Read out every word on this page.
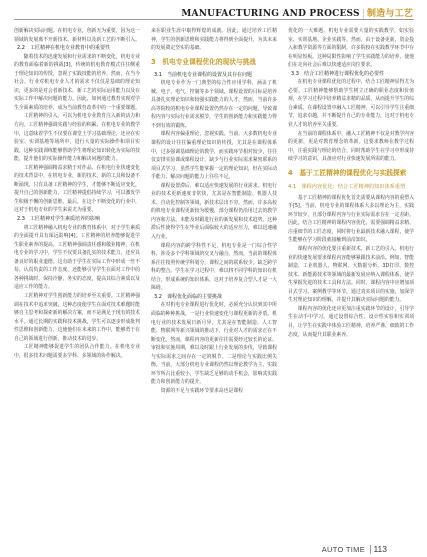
MANUFACTURING AND PROCESS | 制造与工艺

创新解决实际问题。在机电专业，创新无为重要，因为这一领域的发展离不开新技术、新材料以及新工艺的不断引入。

2.2　工匠精神在机电专业教育中的重要性

随着技术的迅速发展和行业需求的不断变化，机电专业的教育面临着新的挑战[3]。传统的机电教育模式往往侧重于理论知识的传授，忽视了实践技能的培养。然而，在当今社会，行业对机电专业人才的需求不仅仅是基础的理论知识，更多的是对会者新技术、新工艺的实际运用能力以及在实际工作中解决问题的能力。因此，如何通过教育实现对学生全面素质的培养，成为当前教育改革中的一个重要课题。

工匠精神的引入，可以为机电专业教育注入新的活力和方向。工匠精神强调实践与经验的积累。在机电专业的教学中，这意味着学生不仅要在课堂上学习基础理论，还应在实验室、实训基地等场所中，进行大量的实际操作和项目实践。这种实践训练能够帮助学生将理论知识转化为实际的技能，提升他们的实际操作能力和解决问题的能力。

工匠精神强调精益求精于对作品、在机电行业快速变化的技术背景中，在机电专业，新的技术、新的工具和设备不断涌现，只有具备工匠精神的学生，才能够不断适应变化，提升自己的创新能力。工匠精神提倡持续学习，可以激发学生积极不懈的创新思维。最后，在这个不断变化的行业中，这对于机电专业的学生来说尤为重要。

2.3　工匠精神对学生素质培养的影响

将工匠精神融入机电专业的教育体系中，对于学生素质的全面提升具有深远影响[4]。工匠精神的培养能够促进学生职业素养的提高。工匠精神强调责任感和敬业精神。在机电专业的学习中，学生不仅要具备扎实的技术能力，还应具备良好的职业道德。这有助于学生在实际工作中形成一丝不苟、认真负责的工作态度，还能够引导学生在面对工作中的各种挑战时，保持冷静、务实的态度，提高其综合素质以及适应工作的能力。

工匠精神对学生创新能力的培养至关重要。工匠精神强调在技术中追求突破，这种态度使学生在面对技术难题时能够自主思考和探索新的解决方案，而不是满足于现有的技术水平。通过长期的实践和技术挑战，学生可以逐步形成批判性思维和创新能力，这使他们在未来的工作中，能够勇于在自己的领域进行创新，推动技术的进步。

工匠精神能够促进学生的团队合作能力。在机电专业中，很多技术问题需要多学科、多领域的协作解决。

来在职业生涯中取得辉煌的成就。因此，通过培养工匠精神，学生的创新思维和实践能力将得到全面提升，为其未来的发展奠定坚实的基础。

3　机电专业课程优化的现状与挑战

3.1　当前机电专业课程的设置及其存在问题

机电专业作为一门典型的综合性应用学科，涵盖了机械、电子、电气、控制等多个领域，课程设置的目标是培养具备扎实理论知识和较强实践能力的人才，然而，当前许多高等院校的机电专业课程设置仍然存在一定的问题，导致课程内容与实际行业需求脱节，学生的创新能力和实践能力得不到有效的锻炼。

课程内容偏重理论，忽视实践。当前，大多数机电专业课程的设计往往偏重理论知识的传授，尤其是在课程体系中，过多强调基础理论的教学，而实践环节相对较少，往往仅安排实验课或课程设计，缺少与行业实际需求紧密联系的项目式学习，虽然学生能掌握一定的理论知识，但在实际动手能力、解决问题的能力上往往不足。

课程设置滞后，难以适应快速发展的行业需求。机电行业的技术更新速度非常快，尤其是在智能制造、机器人技术、自动化控制等领域，新技术层出不穷。然而，许多高校的机电专业课程更新较为缓慢，部分课程仍沿用过去的教学内容和方法，未能及时跟进行业的新发展和技术趋势。这种滞后性使得学生在毕业后面临较大的适应压力，难以迅速融入行业。

课程内容的跨学科性不足，机电专业是一门综合性学科，涉及多个学科领域的交叉与融合。然而，当前的课程体系往往按照传统学科划分，课程之间的联系较少，缺乏跨学科的整合。学生在学习过程中，难以将不同学科的知识有机结合，形成系统的知识体系，这对于培养复合型人才是一大障碍。

3.2　课程优化面临的主要挑战

在对机电专业课程进行优化时，必须充分认识到其中所面临的种种挑战。一是行业快速变化与课程更新的矛盾。机电行业的技术发展日新月异，尤其是在智能制造、人工智能、物联网等新兴领域的推动下，行业对人才的需求正在不断变化。然而，课程内容的更新往往需要经过较长的论证、审批和实施周期，难以及时跟上行业发展的步伐，导致课程与实际需求之间存在一定的脱节。二是理论与实践比例失衡。当前，大部分机电专业课程仍然以理论教学为主，实践环节所占比重较小，学生缺乏足够的动手机会，影响其实践能力和创新能力的提升。

资源的不足与实践环节要求高也是课程

优化的一大难题。机电专业需要大量的实践教学，如实验室、实训基地、企业实践等。然而，由于设备更新、资金投入和教学资源等方面的限制，许多院校在实践教学环节中存在明显短板。这种局限性影响了学生实践能力的培养，使他们在走向社会后难以快速适应岗位要求。

3.3　结合工匠精神进行课程优化的必要性

在机电专业课程优化的过程中，结合工匠精神显得尤为必要。工匠精神能够帮助学生树立正确的职业态度和价值观，在学习过程中培养精益求精的品质，从而提升学生的综合素质。在课程设置中融入工匠精神，可以引导学生注重细节，追求卓越，并不断提升自己的专业能力，这对于机电专业人才的培养至关重要。

在当前的课程体系中，融入工匠精神不仅是对教学内容的更新，更是对教育理念的革新。这要求教师在教学过程中，注重实践与理论的结合，同时帮助学生在学习中形成持续学习的意识，具备应对行业快速发展所需的能力。

4　基于工匠精神的课程优化与实践探索

4.1　课程内容优化：结合工匠精神的知识体系重塑

基于工匠精神的课程优化首先需要从课程内容的重塑入手[5]。当前，机电专业的课程体系大多以理论为主，实践环节较少，且部分课程内容与行业实际需求存在一定差距。因此，结合工匠精神的课程内容优化，需要强调精益求精、注重细节的工匠态度，同时将行业最新技术融入课程，使学生能够在学习阶段就接触到前沿知识。

课程内容的优化要注重新技术、新工艺的引入。机电行业的快速发展要求课程内容能够紧跟技术前沿。例如，智能制造、工业机器人、物联网、大数据分析、3D打印、数控技术、新能源技术等领域的最新发展应纳入课程体系，使学生掌握先进的技术工具和方法。同时，课程内容中应增加项目式学习、案例教学等环节，通过真实项目的实施，加深学生对理论知识的理解，并提升其解决实际问题的能力。

课程内容的优化还应更加注重实践环节的设计，引导学生在动手中学习。通过设置综合性、设计性实验和实训项目，让学生在实践中体验工匠精神，培养严谨、细致的工作态度，从而提升其职业素养。

AUTO TIME 113
